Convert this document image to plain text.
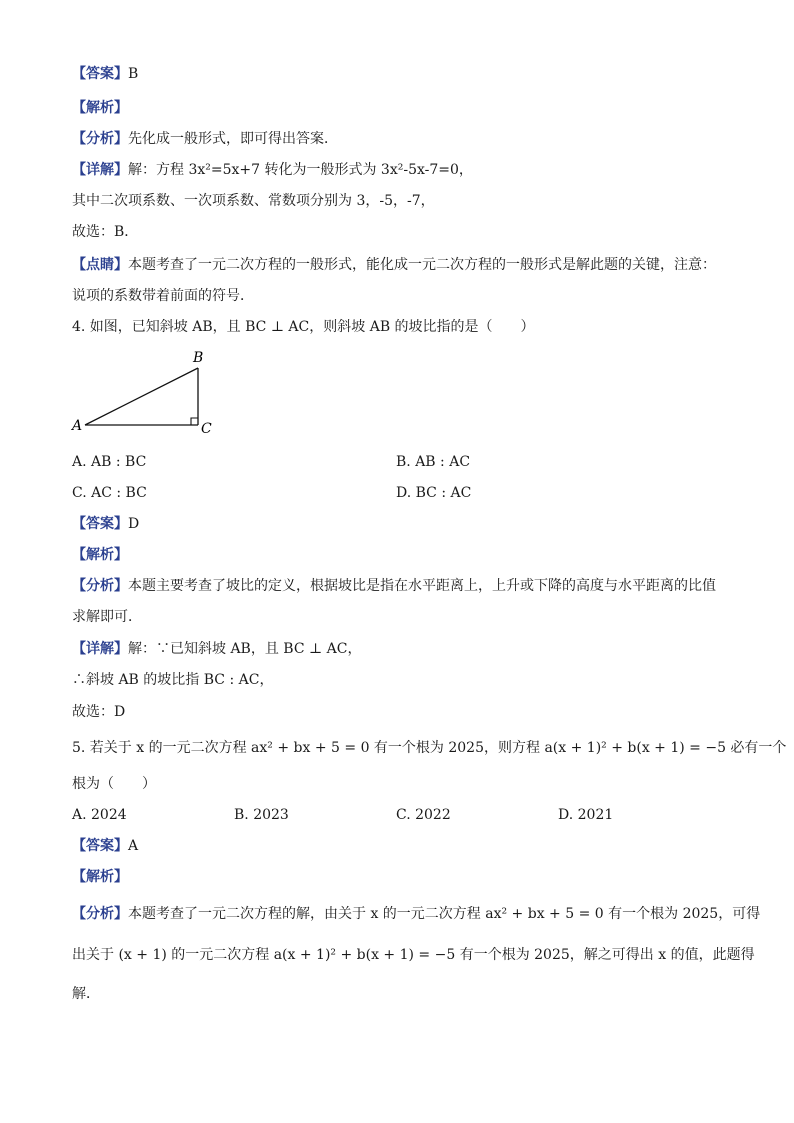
【答案】B
【解析】
【分析】先化成一般形式，即可得出答案．
【详解】解：方程 3x²=5x+7 转化为一般形式为 3x²-5x-7=0，
其中二次项系数、一次项系数、常数项分别为 3，-5，-7，
故选：B．
【点睛】本题考查了一元二次方程的一般形式，能化成一元二次方程的一般形式是解此题的关键，注意：
说项的系数带着前面的符号．
4. 如图，已知斜坡 AB，且 BC ⊥ AC，则斜坡 AB 的坡比指的是（　　）
A
B
C
A. AB : BC	B. AB : AC
C. AC : BC	D. BC : AC
【答案】D
【解析】
【分析】本题主要考查了坡比的定义，根据坡比是指在水平距离上，上升或下降的高度与水平距离的比值
求解即可．
【详解】解：∵已知斜坡 AB，且 BC ⊥ AC，
∴斜坡 AB 的坡比指 BC : AC，
故选：D
5. 若关于 x 的一元二次方程 ax² + bx + 5 = 0 有一个根为 2025，则方程 a(x + 1)² + b(x + 1) = −5 必有一个
根为（　　）
A. 2024	B. 2023	C. 2022	D. 2021
【答案】A
【解析】
【分析】本题考查了一元二次方程的解，由关于 x 的一元二次方程 ax² + bx + 5 = 0 有一个根为 2025，可得
出关于 (x + 1) 的一元二次方程 a(x + 1)² + b(x + 1) = −5 有一个根为 2025，解之可得出 x 的值，此题得
解．
